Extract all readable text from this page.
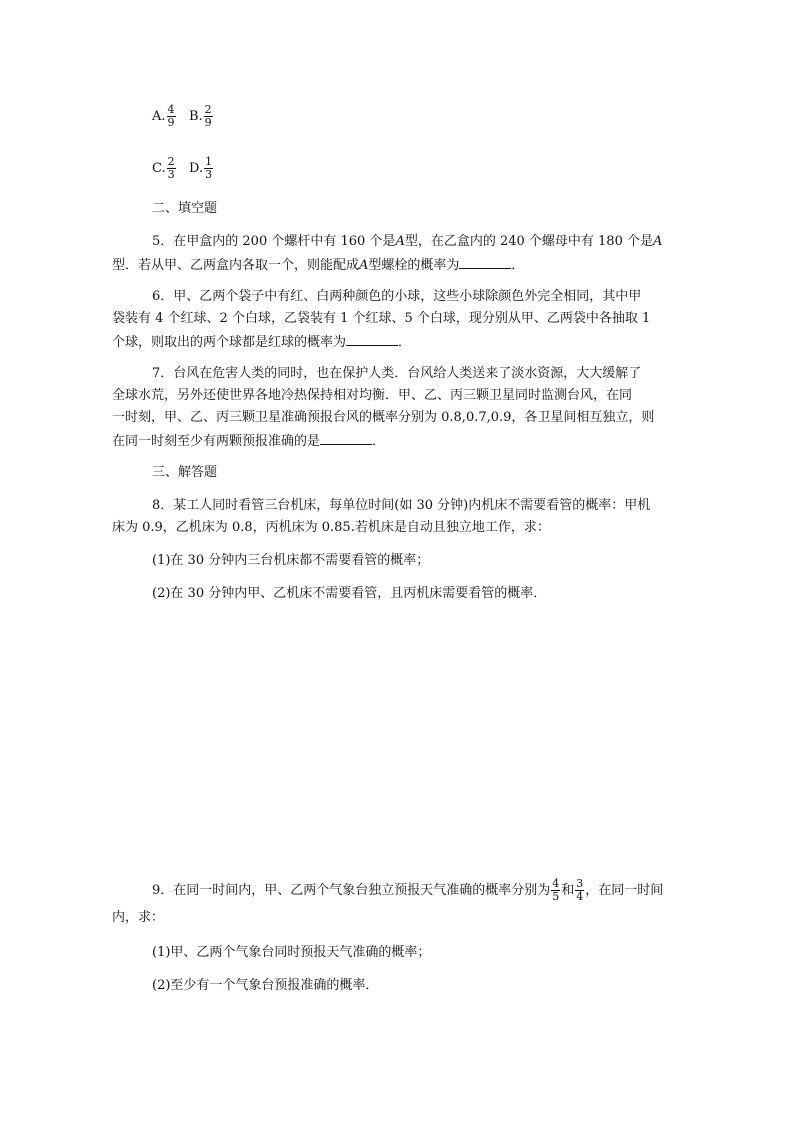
A. $\frac{4}{9} B$. $\frac{2}{9}$
C. $\frac{2}{3} D$. $\frac{1}{3}$
二、填空题
5．在甲盒内的 200 个螺杆中有 160 个是A型，在乙盒内的 240 个螺母中有 180 个是A
型．若从甲、乙两盒内各取一个，则能配成A型螺栓的概率为	．
6．甲、乙两个袋子中有红、白两种颜色的小球，这些小球除颜色外完全相同，其中甲
袋装有 4 个红球、2 个白球，乙袋装有 1 个红球、5 个白球，现分别从甲、乙两袋中各抽取 1
个球，则取出的两个球都是红球的概率为	．
7．台风在危害人类的同时，也在保护人类．台风给人类送来了淡水资源，大大缓解了
全球水荒，另外还使世界各地冷热保持相对均衡．甲、乙、丙三颗卫星同时监测台风，在同
一时刻，甲、乙、丙三颗卫星准确预报台风的概率分别为 0.8,0.7,0.9，各卫星间相互独立，则
在同一时刻至少有两颗预报准确的是	．
三、解答题
8．某工人同时看管三台机床，每单位时间(如 30 分钟)内机床不需要看管的概率：甲机
床为 0.9，乙机床为 0.8，丙机床为 0.85.若机床是自动且独立地工作，求：
(1)在 30 分钟内三台机床都不需要看管的概率；
(2)在 30 分钟内甲、乙机床不需要看管，且丙机床需要看管的概率．
9．在同一时间内，甲、乙两个气象台独立预报天气准确的概率分别为 $\frac{4}{5}$ 和 $\frac{3}{4}$ ，在同一时间
内，求：
(1)甲、乙两个气象台同时预报天气准确的概率；
(2)至少有一个气象台预报准确的概率．
